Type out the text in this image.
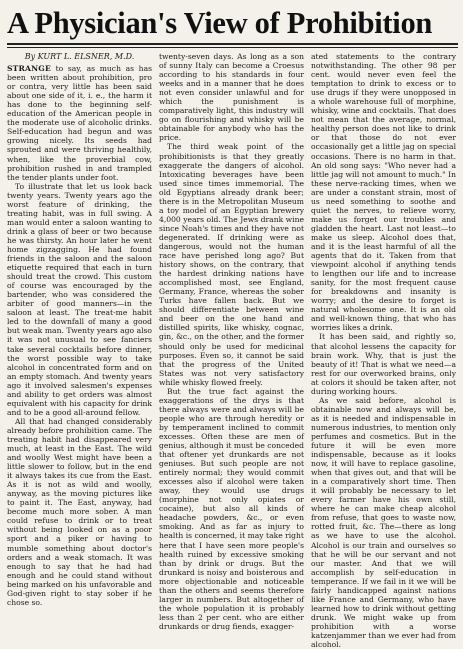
A Physician's View of Prohibition

By KURT L. ELSNER, M.D.

STRANGE to say, as much as has been written about prohibition, pro or contra, very little has been said about one side of it, i. e., the harm it has done to the beginning self-education of the American people in the moderate use of alcoholic drinks. Self-education had begun and was growing nicely. Its seeds had sprouted and were thriving healthily, when, like the proverbial cow, prohibition rushed in and trampled the tender plants under foot.

To illustrate that let us look back twenty years. Twenty years ago the worst feature of drinking, the treating habit, was in full swing. A man would enter a saloon wanting to drink a glass of beer or two because he was thirsty. An hour later he went home zigzagging. He had found friends in the saloon and the saloon etiquette required that each in turn should treat the crowd. This custom of course was encouraged by the bartender, who was considered the arbiter of good manners—in the saloon at least. The treat-me habit led to the downfall of many a good but weak man. Twenty years ago also it was not unusual to see fanciers take several cocktails before dinner, the worst possible way to take alcohol in concentrated form and on an empty stomach. And twenty years ago it involved salesmen's expenses and ability to get orders was almost equivalent with his capacity for drink and to be a good all-around fellow.

All that had changed considerably already before prohibition came. The treating habit had disappeared very much, at least in the East. The wild and woolly West might have been a little slower to follow, but in the end it always takes its cue from the East. As it is not as wild and woolly, anyway, as the moving pictures like to paint it. The East, anyway, had become much more sober. A man could refuse to drink or to treat without being looked on as a poor sport and a piker or having to mumble something about doctor's orders and a weak stomach. It was enough to say that he had had enough and he could stand without being marked on his unfavorable and God-given right to stay sober if he chose so.

twenty-seven days. As long as a son of sunny Italy can become a Croesus according to his standards in four weeks and in a manner that he does not even consider unlawful and for which the punishment is comparatively light, this industry will go on flourishing and whisky will be obtainable for anybody who has the price.

The third weak point of the prohibitionists is that they greatly exaggerate the dangers of alcohol. Intoxicating beverages have been used since times immemorial. The old Egyptians already drank beer; there is in the Metropolitan Museum a toy model of an Egyptian brewery 4,000 years old. The Jews drank wine since Noah's times and they have not degenerated. If drinking were as dangerous, would not the human race have perished long ago? But history shows, on the contrary, that the hardest drinking nations have accomplished most, see England, Germany, France, whereas the sober Turks have fallen back. But we should differentiate between wine and beer on the one hand and distilled spirits, like whisky, cognac, gin, &c., on the other, and the former should only be used for medicinal purposes. Even so, it cannot be said that the progress of the United States was not very satisfactory while whisky flowed freely.

But the true fact against the exaggerations of the drys is that there always were and always will be people who are through heredity or by temperament inclined to commit excesses. Often these are men of genius, although it must be conceded that oftener yet drunkards are not geniuses. But such people are not entirely normal; they would commit excesses also if alcohol were taken away, they would use drugs (morphine not only opiates or cocaine), but also all kinds of headache powders, &c., or even smoking. And as far as injury to health is concerned, it may take right here that I have seen more people's health ruined by excessive smoking than by drink or drugs. But the drunkard is noisy and boisterous and more objectionable and noticeable than the others and seems therefore larger in numbers. But altogether of the whole population it is probably less than 2 per cent. who are either drunkards or drug fiends, exagger-

ated statements to the contrary notwithstanding. The other 98 per cent. would never even feel the temptation to drink to excess or to use drugs if they were unopposed in a whole warehouse full of morphine, whisky, wine and cocktails. That does not mean that the average, normal, healthy person does not like to drink or that those do not ever occasionally get a little jag on special occasions. There is no harm in that. An old song says: "Who never had a little jag will not amount to much." In these nerve-racking times, when we are under a constant strain, most of us need something to soothe and quiet the nerves, to relieve worry, make us forget our troubles and gladden the heart. Last not least—to make us sleep. Alcohol does that, and it is the least harmful of all the agents that do it. Taken from that viewpoint alcohol if anything tends to lengthen our life and to increase sanity, for the most frequent cause for breakdowns and insanity is worry; and the desire to forget is natural wholesome one. It is an old and well-known thing, that who has worries likes a drink.

It has been said, and rightly so, that alcohol lessens the capacity for brain work. Why, that is just the beauty of it! That is what we need—a rest for our overworked brains, only at colors it should be taken after, not during working hours.

As we said before, alcohol is obtainable now and always will be, as it is needed and indispensable in numerous industries, to mention only perfumes and cosmetics. But in the future it will be even more indispensable, because as it looks now, it will have to replace gasoline, when that gives out, and that will be in a comparatively short time. Then it will probably be necessary to let every farmer have his own still, where he can make cheap alcohol from refuse, that goes to waste now, rotted fruit, &c. The—there as long as we have to use the alcohol. Alcohol is our train and ourselves so that he will be our servant and not our master. And that we will accomplish by self-education in temperance. If we fail in it we will be fairly handicapped against nations like France and Germany, who have learned how to drink without getting drunk. We might wake up from prohibition with a worse katzenjammer than we ever had from alcohol.
